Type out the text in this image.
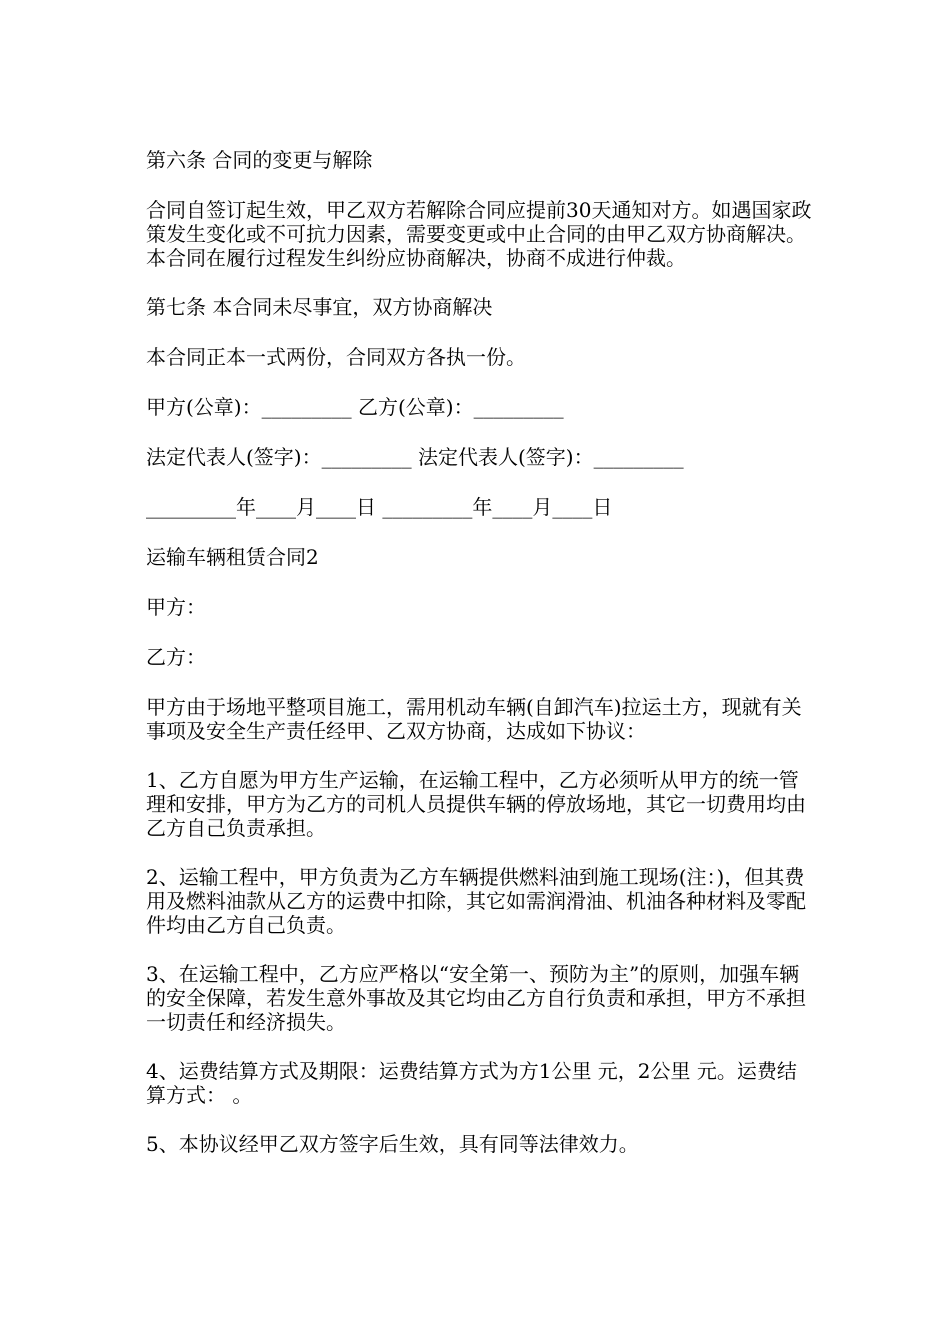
第六条 合同的变更与解除

合同自签订起生效，甲乙双方若解除合同应提前30天通知对方。如遇国家政策发生变化或不可抗力因素，需要变更或中止合同的由甲乙双方协商解决。本合同在履行过程发生纠纷应协商解决，协商不成进行仲裁。

第七条 本合同未尽事宜，双方协商解决

本合同正本一式两份，合同双方各执一份。

甲方(公章)：_________ 乙方(公章)：_________

法定代表人(签字)：_________ 法定代表人(签字)：_________

_________年____月____日 _________年____月____日

运输车辆租赁合同2

甲方：

乙方：

甲方由于场地平整项目施工，需用机动车辆(自卸汽车)拉运土方，现就有关事项及安全生产责任经甲、乙双方协商，达成如下协议：

1、乙方自愿为甲方生产运输，在运输工程中，乙方必须听从甲方的统一管理和安排，甲方为乙方的司机人员提供车辆的停放场地，其它一切费用均由乙方自己负责承担。

2、运输工程中，甲方负责为乙方车辆提供燃料油到施工现场(注：)，但其费用及燃料油款从乙方的运费中扣除，其它如需润滑油、机油各种材料及零配件均由乙方自己负责。

3、在运输工程中，乙方应严格以“安全第一、预防为主”的原则，加强车辆的安全保障，若发生意外事故及其它均由乙方自行负责和承担，甲方不承担一切责任和经济损失。

4、运费结算方式及期限：运费结算方式为方1公里 元，2公里 元。运费结算方式： 。

5、本协议经甲乙双方签字后生效，具有同等法律效力。
